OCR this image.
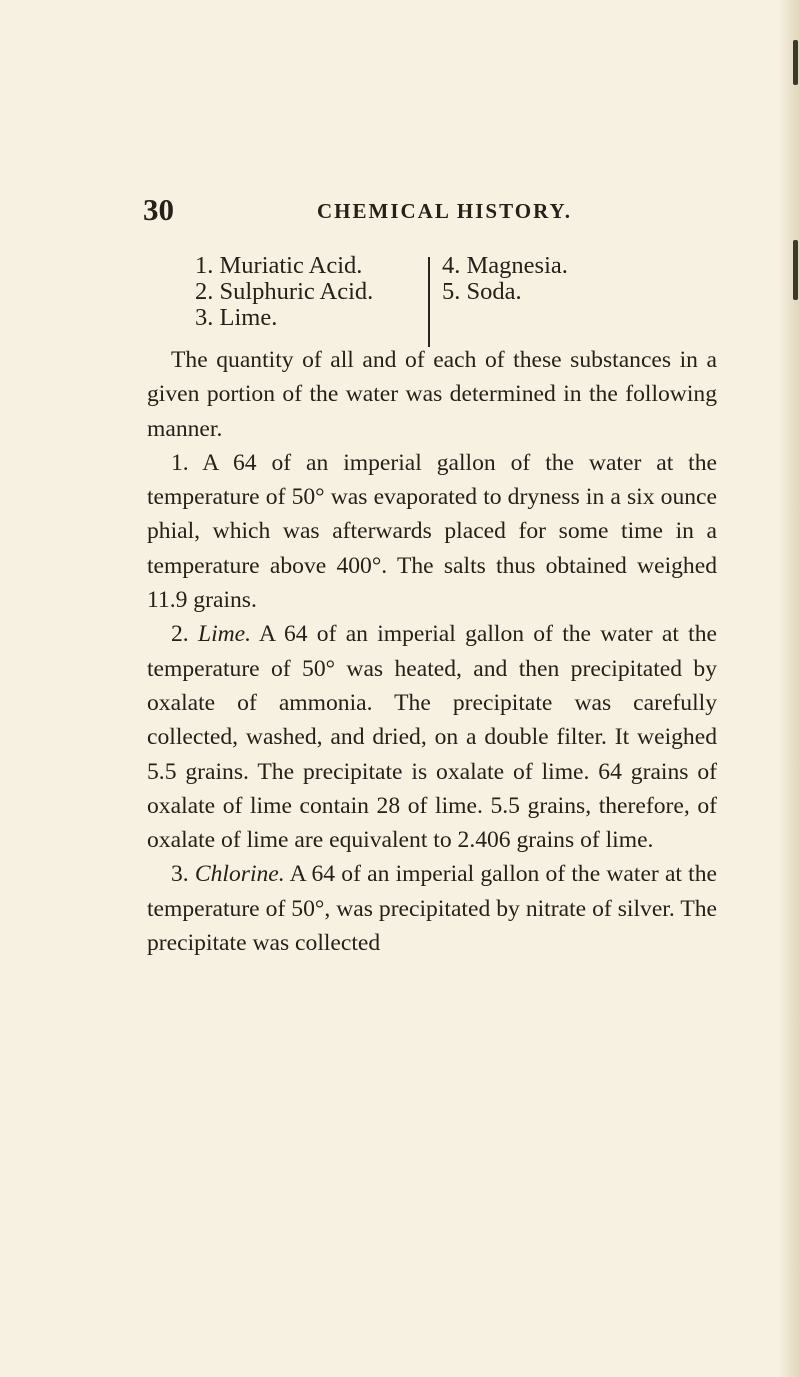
30	CHEMICAL HISTORY.
1. Muriatic Acid.
2. Sulphuric Acid.
3. Lime.
4. Magnesia.
5. Soda.

The quantity of all and of each of these substances in a given portion of the water was determined in the following manner.

1. A 64 of an imperial gallon of the water at the temperature of 50° was evaporated to dryness in a six ounce phial, which was afterwards placed for some time in a temperature above 400°. The salts thus obtained weighed 11.9 grains.

2. Lime. A 64 of an imperial gallon of the water at the temperature of 50° was heated, and then precipitated by oxalate of ammonia. The precipitate was carefully collected, washed, and dried, on a double filter. It weighed 5.5 grains. The precipitate is oxalate of lime. 64 grains of oxalate of lime contain 28 of lime. 5.5 grains, therefore, of oxalate of lime are equivalent to 2.406 grains of lime.

3. Chlorine. A 64 of an imperial gallon of the water at the temperature of 50°, was precipitated by nitrate of silver. The precipitate was collected
